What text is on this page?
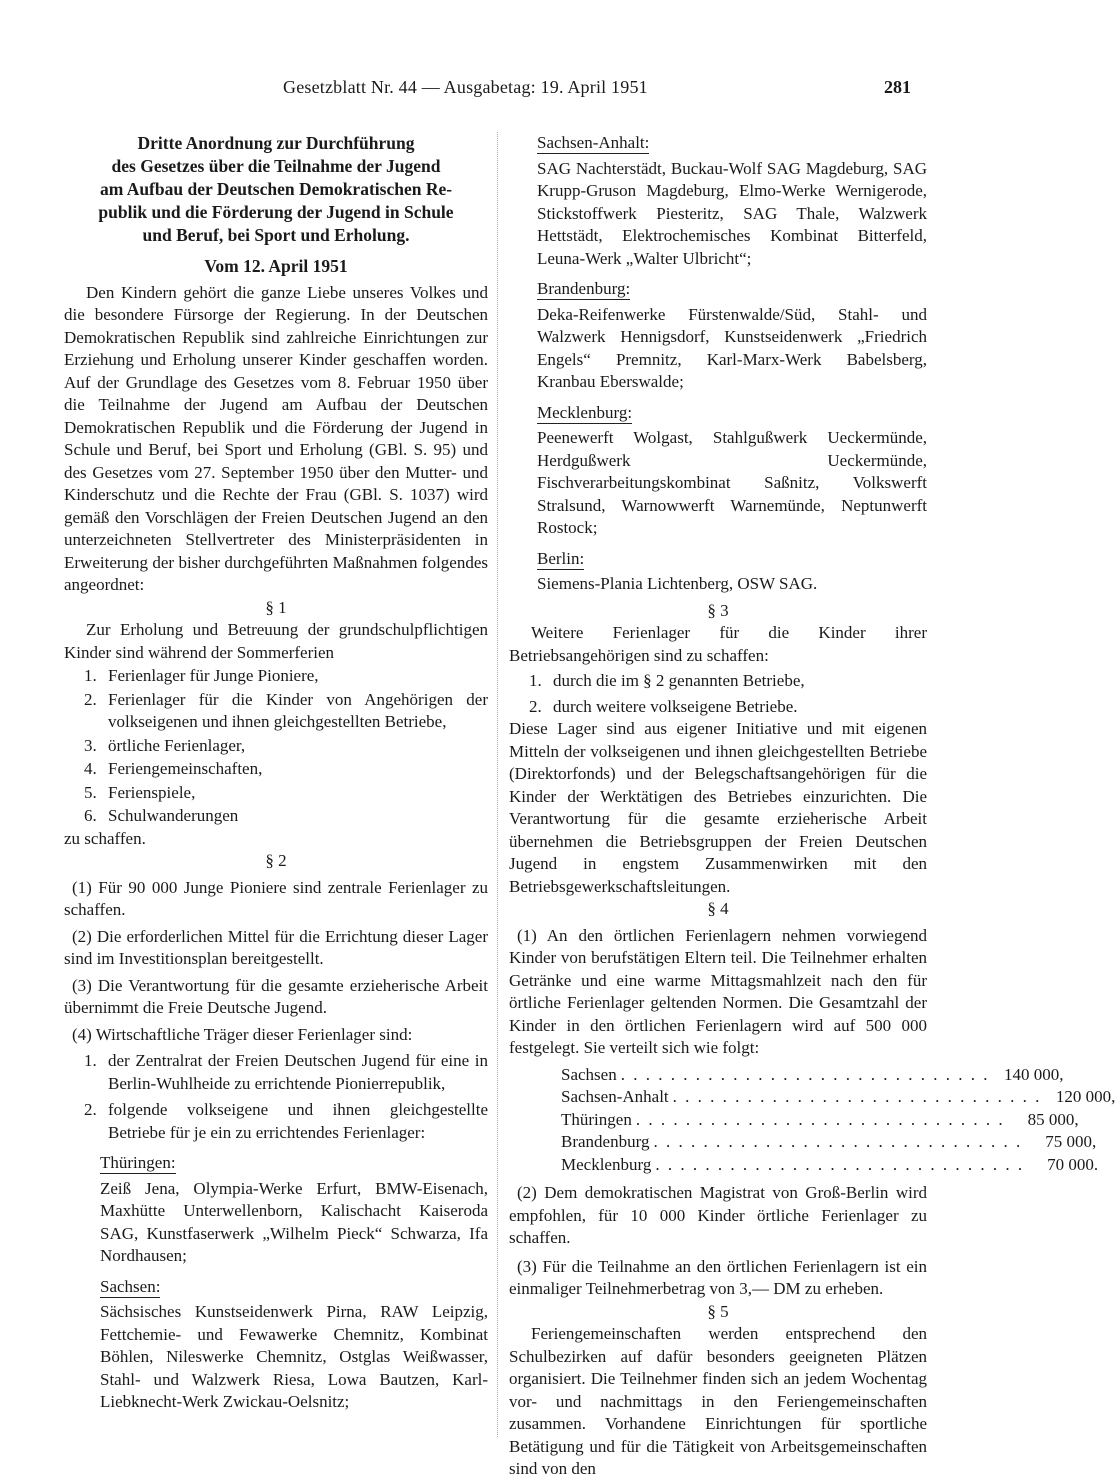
Gesetzblatt Nr. 44 — Ausgabetag: 19. April 1951	281
Dritte Anordnung zur Durchführung
des Gesetzes über die Teilnahme der Jugend
am Aufbau der Deutschen Demokratischen Re-
publik und die Förderung der Jugend in Schule
und Beruf, bei Sport und Erholung.
Vom 12. April 1951

Den Kindern gehört die ganze Liebe unseres Volkes und die besondere Fürsorge der Regierung. In der Deutschen Demokratischen Republik sind zahlreiche Einrichtungen zur Erziehung und Erholung unserer Kinder geschaffen worden. Auf der Grundlage des Gesetzes vom 8. Februar 1950 über die Teilnahme der Jugend am Aufbau der Deutschen Demokratischen Republik und die Förderung der Jugend in Schule und Beruf, bei Sport und Erholung (GBl. S. 95) und des Gesetzes vom 27. September 1950 über den Mutter- und Kinderschutz und die Rechte der Frau (GBl. S. 1037) wird gemäß den Vorschlägen der Freien Deutschen Jugend an den unterzeichneten Stellvertreter des Ministerpräsidenten in Erweiterung der bisher durchgeführten Maßnahmen folgendes angeordnet:

§ 1

Zur Erholung und Betreuung der grundschulpflichtigen Kinder sind während der Sommerferien

1. Ferienlager für Junge Pioniere,
2. Ferienlager für die Kinder von Angehörigen der volkseigenen und ihnen gleichgestellten Betriebe,
3. örtliche Ferienlager,
4. Feriengemeinschaften,
5. Ferienspiele,
6. Schulwanderungen

zu schaffen.

§ 2

(1) Für 90 000 Junge Pioniere sind zentrale Ferienlager zu schaffen.

(2) Die erforderlichen Mittel für die Errichtung dieser Lager sind im Investitionsplan bereitgestellt.

(3) Die Verantwortung für die gesamte erzieherische Arbeit übernimmt die Freie Deutsche Jugend.

(4) Wirtschaftliche Träger dieser Ferienlager sind:

1. der Zentralrat der Freien Deutschen Jugend für eine in Berlin-Wuhlheide zu errichtende Pionierrepublik,
2. folgende volkseigene und ihnen gleichgestellte Betriebe für je ein zu errichtendes Ferienlager:
Thüringen:
Zeiß Jena, Olympia-Werke Erfurt, BMW-Eisenach, Maxhütte Unterwellenborn, Kalischacht Kaiseroda SAG, Kunstfaserwerk „Wilhelm Pieck“ Schwarza, Ifa Nordhausen;
Sachsen:
Sächsisches Kunstseidenwerk Pirna, RAW Leipzig, Fettchemie- und Fewawerke Chemnitz, Kombinat Böhlen, Nileswerke Chemnitz, Ostglas Weißwasser, Stahl- und Walzwerk Riesa, Lowa Bautzen, Karl-Liebknecht-Werk Zwickau-Oelsnitz;
Sachsen-Anhalt:
SAG Nachterstädt, Buckau-Wolf SAG Magdeburg, SAG Krupp-Gruson Magdeburg, Elmo-Werke Wernigerode, Stickstoffwerk Piesteritz, SAG Thale, Walzwerk Hettstädt, Elektrochemisches Kombinat Bitterfeld, Leuna-Werk „Walter Ulbricht“;
Brandenburg:
Deka-Reifenwerke Fürstenwalde/Süd, Stahl- und Walzwerk Hennigsdorf, Kunstseidenwerk „Friedrich Engels“ Premnitz, Karl-Marx-Werk Babelsberg, Kranbau Eberswalde;
Mecklenburg:
Peenewerft Wolgast, Stahlgußwerk Ueckermünde, Herdgußwerk Ueckermünde, Fischverarbeitungskombinat Saßnitz, Volkswerft Stralsund, Warnowwerft Warnemünde, Neptunwerft Rostock;
Berlin:
Siemens-Plania Lichtenberg, OSW SAG.
§ 3

Weitere Ferienlager für die Kinder ihrer Betriebsangehörigen sind zu schaffen:

1. durch die im § 2 genannten Betriebe,
2. durch weitere volkseigene Betriebe.

Diese Lager sind aus eigener Initiative und mit eigenen Mitteln der volkseigenen und ihnen gleichgestellten Betriebe (Direktorfonds) und der Belegschaftsangehörigen für die Kinder der Werktätigen des Betriebes einzurichten. Die Verantwortung für die gesamte erzieherische Arbeit übernehmen die Betriebsgruppen der Freien Deutschen Jugend in engstem Zusammenwirken mit den Betriebsgewerkschaftsleitungen.

§ 4

(1) An den örtlichen Ferienlagern nehmen vorwiegend Kinder von berufstätigen Eltern teil. Die Teilnehmer erhalten Getränke und eine warme Mittagsmahlzeit nach den für örtliche Ferienlager geltenden Normen. Die Gesamtzahl der Kinder in den örtlichen Ferienlagern wird auf 500 000 festgelegt. Sie verteilt sich wie folgt:

Sachsen . . . . . . . . . . . . . . . . . . . . . . . . . . . . . . 140 000,
Sachsen-Anhalt . . . . . . . . . . . . . . . . . . . . . . . . . . . . . . 120 000,
Thüringen . . . . . . . . . . . . . . . . . . . . . . . . . . . . . .	85 000,
Brandenburg . . . . . . . . . . . . . . . . . . . . . . . . . . . . . .	75 000,
Mecklenburg . . . . . . . . . . . . . . . . . . . . . . . . . . . . . .	70 000.

(2) Dem demokratischen Magistrat von Groß-Berlin wird empfohlen, für 10 000 Kinder örtliche Ferienlager zu schaffen.

(3) Für die Teilnahme an den örtlichen Ferienlagern ist ein einmaliger Teilnehmerbetrag von 3,— DM zu erheben.

§ 5

Feriengemeinschaften werden entsprechend den Schulbezirken auf dafür besonders geeigneten Plätzen organisiert. Die Teilnehmer finden sich an jedem Wochentag vor- und nachmittags in den Feriengemeinschaften zusammen. Vorhandene Einrichtungen für sportliche Betätigung und für die Tätigkeit von Arbeitsgemeinschaften sind von den
